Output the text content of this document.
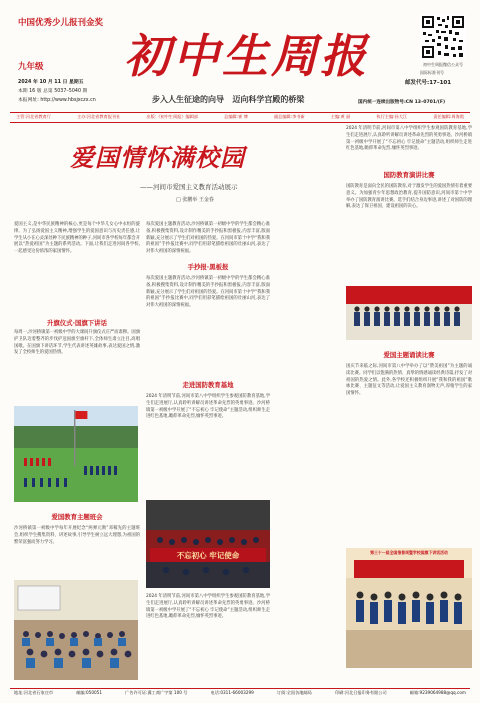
中国优秀少儿报刊金奖
九年级
2024 年 10 月 11 日 星期五
本期 16 版 总第 5037–5040 期
本报网址: http://www.hbsjxczx.cn
初中生周报
步入人生征途的向导 迈向科学宫殿的桥梁
初中生周报微信公众号
国际标准刊号
邮发代号:17–101
国内统一连续出版物号:CN 13–0701/(F)
主管:河北省教育厅	主办:河北省教育报刊社	出版:《初中生周报》编辑部	总编辑:崔 博	副总编辑:李书新	主编:黄 丽	执行主编:孙大江	责任编辑:周海霞
爱国情怀满校园
——河间市爱国主义教育活动展示
□ 张鹏举 王金春
2024 年清明节前,河间市第八中学组织学生参观国防教育基地,学生们走进展厅,认真聆听讲解员讲述革命先烈的英勇事迹。沙河桥镇第一初级中学开展了“不忘初心 牢记使命”主题活动,组织师生走进红色基地,瞻仰革命先烈,缅怀英烈事迹。
爱国主义,是中华民族精神的核心,更是每个中华儿女心中永恒的旋律。为了弘扬爱国主义精神,增强学生的爱国意识与历史责任感,让学生从小在心灵深处种下民族精神的种子,河间市各学校每年都会开展以“热爱祖国”为主题的系列活动。下面,让我们走进河间各学校,一起感受这份浓浓的家国情怀。
升旗仪式·国旗下讲话
每周一,沙河桥镇第一初级中学的大课间升旗仪式庄严而肃穆。国旗护卫队迈着整齐的步伐护送国旗至旗杆下,全体师生肃立注目,高唱国歌。在国旗下讲话环节,学生代表讲述英雄故事,表达爱国之情,激发了全校师生的爱国热情。
爱国教育主题班会
沙河桥镇第一初级中学每年开展纪念“两弹元勋”邓稼先的主题班会,组织学生搜集资料、讲述故事,引导学生树立远大理想,为祖国的繁荣富强而努力学习。
每次爱国主题教育活动,沙河桥镇第一初级中学的学生都会精心准备,积极搜集资料,设计制作精美的手抄报和黑板报,内容丰富,版面新颖,充分展示了学生们对祖国的热爱。在河间市第十中学“我和我的祖国”手抄报比赛中,同学们用彩笔描绘祖国的壮丽山河,表达了对伟大祖国的深情祝福。
手抄报·黑板报
每次爱国主题教育活动,沙河桥镇第一初级中学的学生都会精心准备,积极搜集资料,设计制作精美的手抄报和黑板报,内容丰富,版面新颖,充分展示了学生们对祖国的热爱。在河间市第十中学“我和我的祖国”手抄报比赛中,同学们用彩笔描绘祖国的壮丽山河,表达了对伟大祖国的深情祝福。
走进国防教育基地
2024 年清明节前,河间市第八中学组织学生参观国防教育基地,学生们走进展厅,认真聆听讲解员讲述革命先烈的英勇事迹。沙河桥镇第一初级中学开展了“不忘初心 牢记使命”主题活动,组织师生走进红色基地,瞻仰革命先烈,缅怀英烈事迹。
不忘初心 牢记使命
2024 年清明节前,河间市第八中学组织学生参观国防教育基地,学生们走进展厅,认真聆听讲解员讲述革命先烈的英勇事迹。沙河桥镇第一初级中学开展了“不忘初心 牢记使命”主题活动,组织师生走进红色基地,瞻仰革命先烈,缅怀英烈事迹。
国防教育演讲比赛
国防教育是面向全民的国防教育,对于激发学生的爱国热情有着重要意义。为加强青少年思想政治教育,提升国防意识,河间市第十中学举办了国防教育演讲比赛。选手们结合身边事迹,讲述了对国防的理解,表达了保卫祖国、建设祖国的决心。
爱国主题诵读比赛
国庆节来临之际,河间市第八中学举办了以“赞美祖国”为主题的诵读比赛。同学们以饱满的热情、真挚的情感诵读经典诗篇,抒发了对祖国的热爱之情。此外,各学校还积极组织开展“我和我的祖国”歌咏比赛、主题征文等活动,让爱国主义教育润物无声,厚植学生的家国情怀。
第三十一届全国推普周暨学校国旗下讲话活动
地址:河北省石家庄市	邮编:050051	广告许可证:冀工商广字第 100 号	电话:0311-66003299	订阅:全国各地邮局	印刷:河北日报印务有限公司	邮箱:9239064988@qq.com
